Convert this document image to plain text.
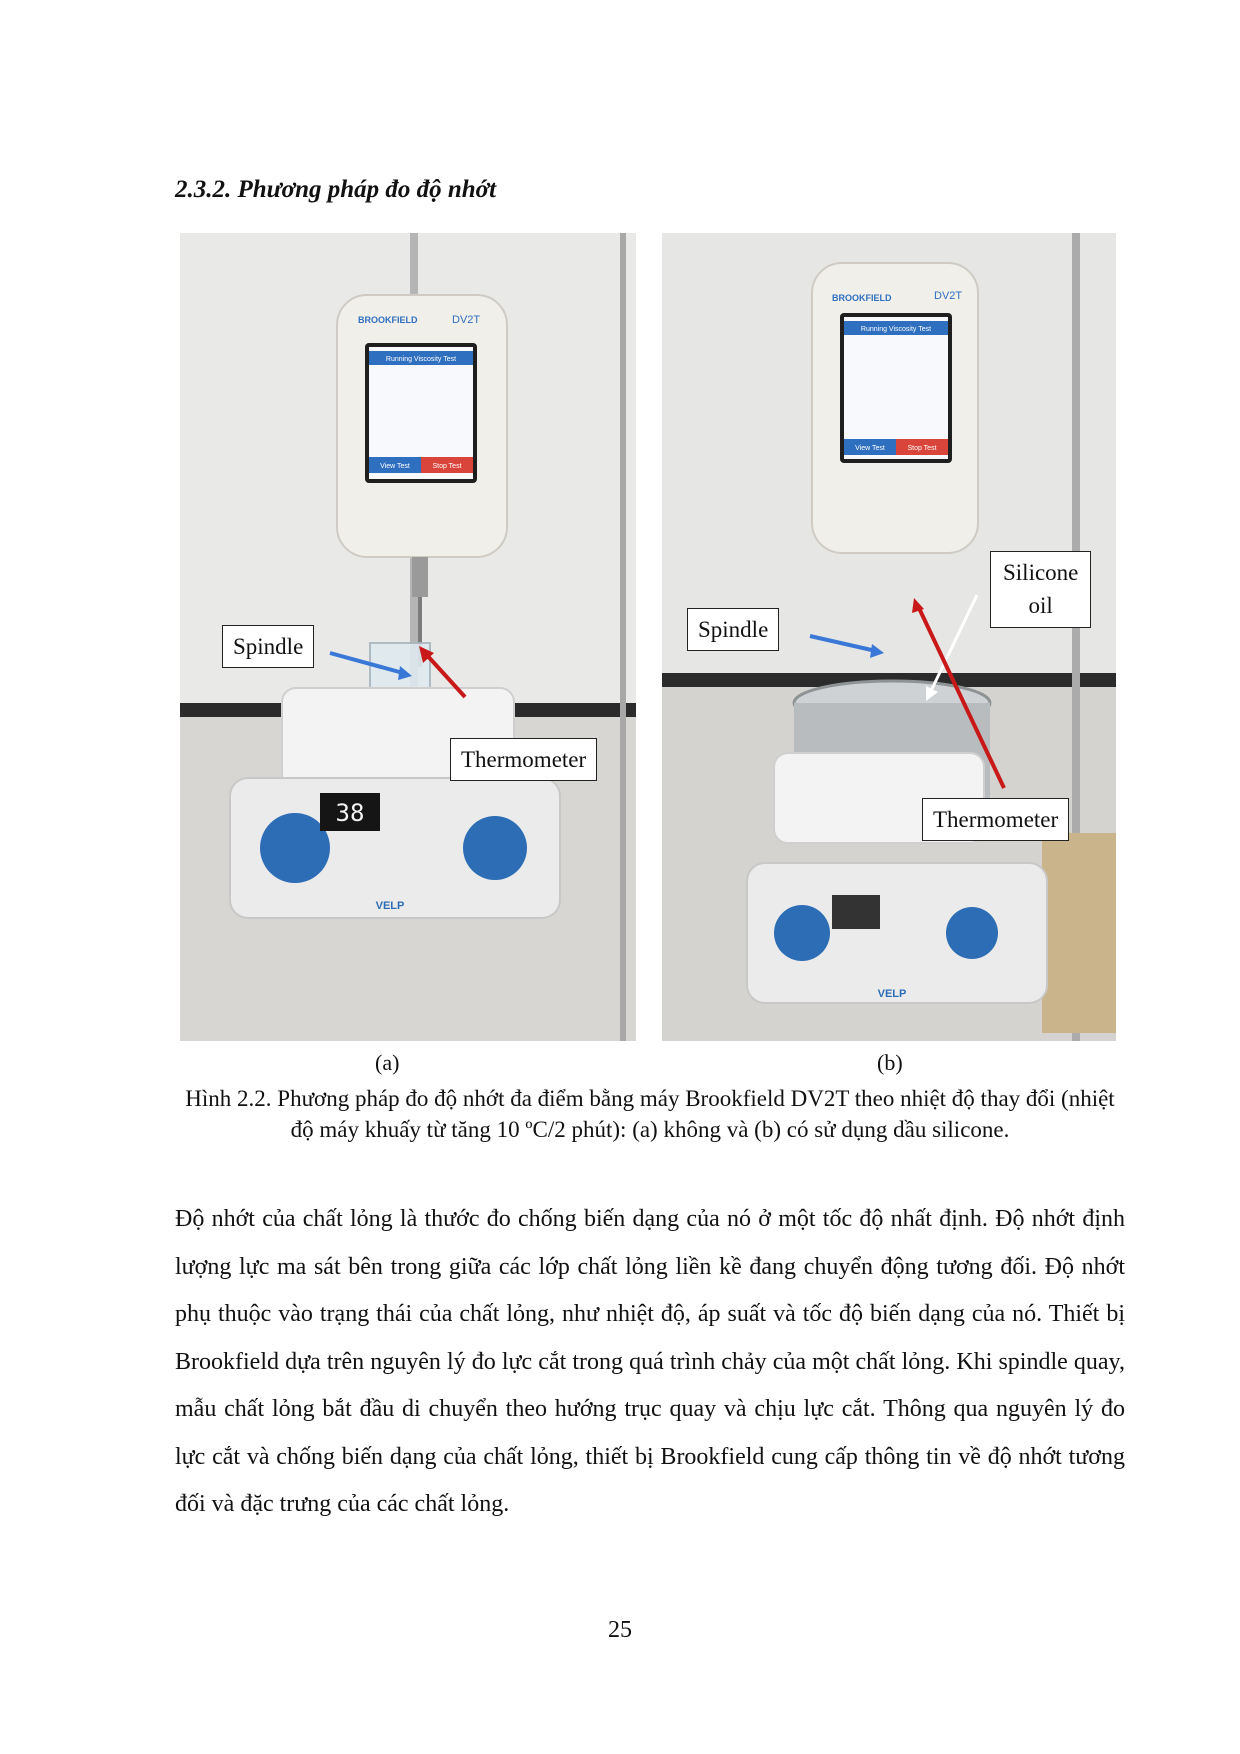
2.3.2. Phương pháp đo độ nhớt
Running Viscosity Test
View Test	Stop Test
BROOKFIELD	DV2T
38
VELP
Spindle
Thermometer
Running Viscosity Test
View Test	Stop Test
BROOKFIELD	DV2T
VELP
Spindle
Silicone
oil
Thermometer
(a)	(b)
Hình 2.2. Phương pháp đo độ nhớt đa điểm bằng máy Brookfield DV2T theo nhiệt độ thay đổi (nhiệt độ máy khuấy từ tăng 10 ºC/2 phút): (a) không và (b) có sử dụng dầu silicone.
Độ nhớt của chất lỏng là thước đo chống biến dạng của nó ở một tốc độ nhất định. Độ nhớt định lượng lực ma sát bên trong giữa các lớp chất lỏng liền kề đang chuyển động tương đối. Độ nhớt phụ thuộc vào trạng thái của chất lỏng, như nhiệt độ, áp suất và tốc độ biến dạng của nó. Thiết bị Brookfield dựa trên nguyên lý đo lực cắt trong quá trình chảy của một chất lỏng. Khi spindle quay, mẫu chất lỏng bắt đầu di chuyển theo hướng trục quay và chịu lực cắt. Thông qua nguyên lý đo lực cắt và chống biến dạng của chất lỏng, thiết bị Brookfield cung cấp thông tin về độ nhớt tương đối và đặc trưng của các chất lỏng.
25
